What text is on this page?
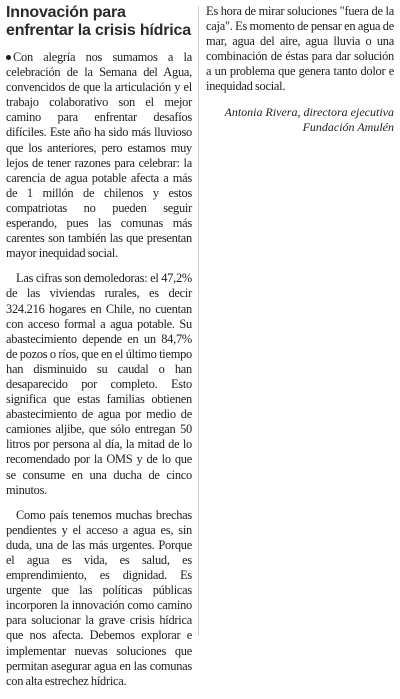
Innovación para enfrentar la crisis hídrica

Con alegría nos sumamos a la celebración de la Semana del Agua, convencidos de que la articulación y el trabajo colaborativo son el mejor camino para enfrentar desafíos difíciles. Este año ha sido más lluvioso que los anteriores, pero estamos muy lejos de tener razones para celebrar: la carencia de agua potable afecta a más de 1 millón de chilenos y estos compatriotas no pueden seguir esperando, pues las comunas más carentes son también las que presentan mayor inequidad social.

Las cifras son demoledoras: el 47,2% de las viviendas rurales, es decir 324.216 hogares en Chile, no cuentan con acceso formal a agua potable. Su abastecimiento depende en un 84,7% de pozos o ríos, que en el último tiempo han disminuido su caudal o han desaparecido por completo. Esto significa que estas familias obtienen abastecimiento de agua por medio de camiones aljibe, que sólo entregan 50 litros por persona al día, la mitad de lo recomendado por la OMS y de lo que se consume en una ducha de cinco minutos.

Como país tenemos muchas brechas pendientes y el acceso a agua es, sin duda, una de las más urgentes. Porque el agua es vida, es salud, es emprendimiento, es dignidad. Es urgente que las políticas públicas incorporen la innovación como camino para solucionar la grave crisis hídrica que nos afecta. Debemos explorar e implementar nuevas soluciones que permitan asegurar agua en las comunas con alta estrechez hídrica.

Es hora de mirar soluciones "fuera de la caja". Es momento de pensar en agua de mar, agua del aire, agua lluvia o una combinación de éstas para dar solución a un problema que genera tanto dolor e inequidad social.

Antonia Rivera, directora ejecutiva
Fundación Amulén
